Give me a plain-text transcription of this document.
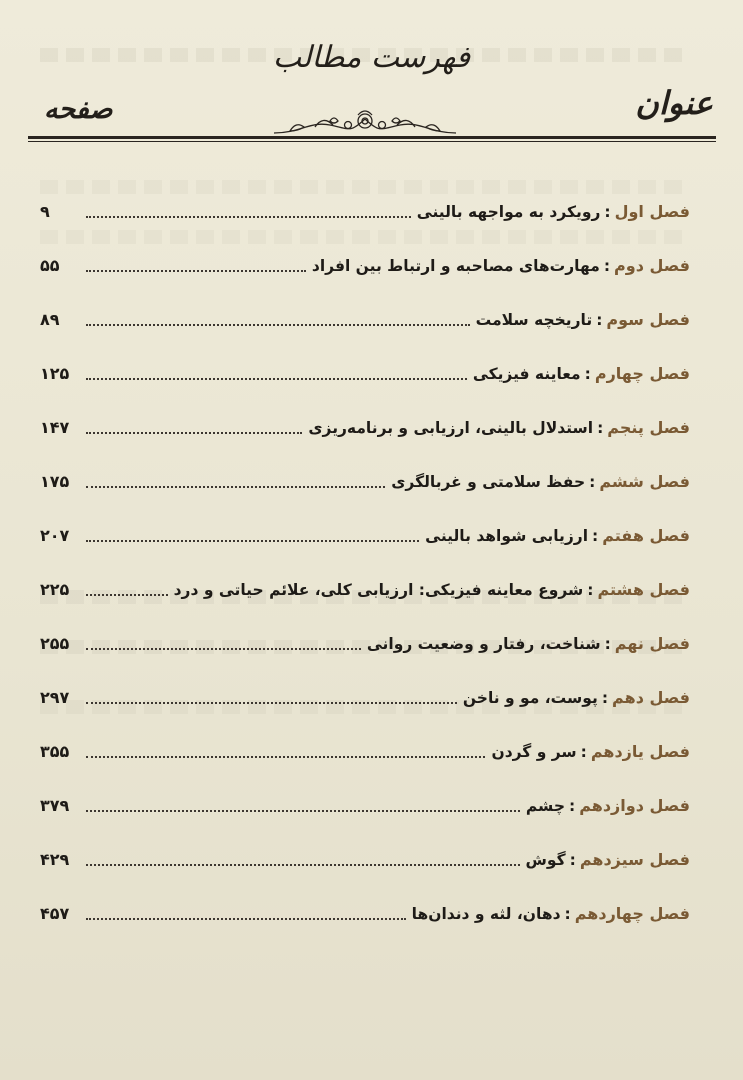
فهرست مطالب
عنوان
صفحه
فصل اول
:
رویکرد به مواجهه بالینی
۹
فصل دوم
:
مهارت‌های مصاحبه و ارتباط بین افراد
۵۵
فصل سوم
:
تاریخچه سلامت
۸۹
فصل چهارم
:
معاینه فیزیکی
۱۲۵
فصل پنجم
:
استدلال بالینی، ارزیابی و برنامه‌ریزی
۱۴۷
فصل ششم
:
حفظ سلامتی و غربالگری
۱۷۵
فصل هفتم
:
ارزیابی شواهد بالینی
۲۰۷
فصل هشتم
:
شروع معاینه فیزیکی: ارزیابی کلی، علائم حیاتی و درد
۲۲۵
فصل نهم
:
شناخت، رفتار و وضعیت روانی
۲۵۵
فصل دهم
:
پوست، مو و ناخن
۲۹۷
فصل یازدهم
:
سر و گردن
۳۵۵
فصل دوازدهم
:
چشم
۳۷۹
فصل سیزدهم
:
گوش
۴۲۹
فصل چهاردهم
:
دهان، لثه و دندان‌ها
۴۵۷
